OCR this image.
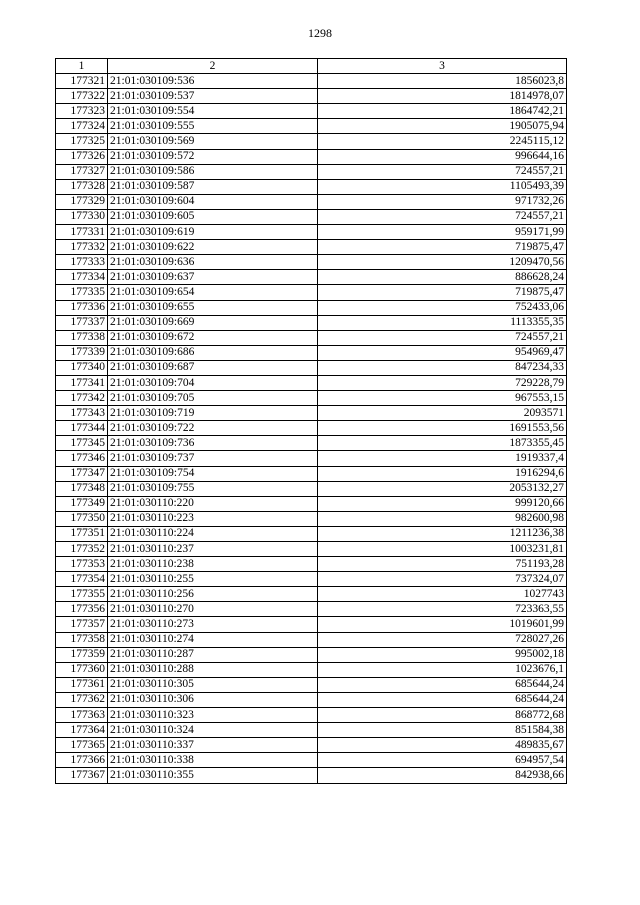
1298
1	2	3
177321	21:01:030109:536	1856023,8
177322	21:01:030109:537	1814978,07
177323	21:01:030109:554	1864742,21
177324	21:01:030109:555	1905075,94
177325	21:01:030109:569	2245115,12
177326	21:01:030109:572	996644,16
177327	21:01:030109:586	724557,21
177328	21:01:030109:587	1105493,39
177329	21:01:030109:604	971732,26
177330	21:01:030109:605	724557,21
177331	21:01:030109:619	959171,99
177332	21:01:030109:622	719875,47
177333	21:01:030109:636	1209470,56
177334	21:01:030109:637	886628,24
177335	21:01:030109:654	719875,47
177336	21:01:030109:655	752433,06
177337	21:01:030109:669	1113355,35
177338	21:01:030109:672	724557,21
177339	21:01:030109:686	954969,47
177340	21:01:030109:687	847234,33
177341	21:01:030109:704	729228,79
177342	21:01:030109:705	967553,15
177343	21:01:030109:719	2093571
177344	21:01:030109:722	1691553,56
177345	21:01:030109:736	1873355,45
177346	21:01:030109:737	1919337,4
177347	21:01:030109:754	1916294,6
177348	21:01:030109:755	2053132,27
177349	21:01:030110:220	999120,66
177350	21:01:030110:223	982600,98
177351	21:01:030110:224	1211236,38
177352	21:01:030110:237	1003231,81
177353	21:01:030110:238	751193,28
177354	21:01:030110:255	737324,07
177355	21:01:030110:256	1027743
177356	21:01:030110:270	723363,55
177357	21:01:030110:273	1019601,99
177358	21:01:030110:274	728027,26
177359	21:01:030110:287	995002,18
177360	21:01:030110:288	1023676,1
177361	21:01:030110:305	685644,24
177362	21:01:030110:306	685644,24
177363	21:01:030110:323	868772,68
177364	21:01:030110:324	851584,38
177365	21:01:030110:337	489835,67
177366	21:01:030110:338	694957,54
177367	21:01:030110:355	842938,66
